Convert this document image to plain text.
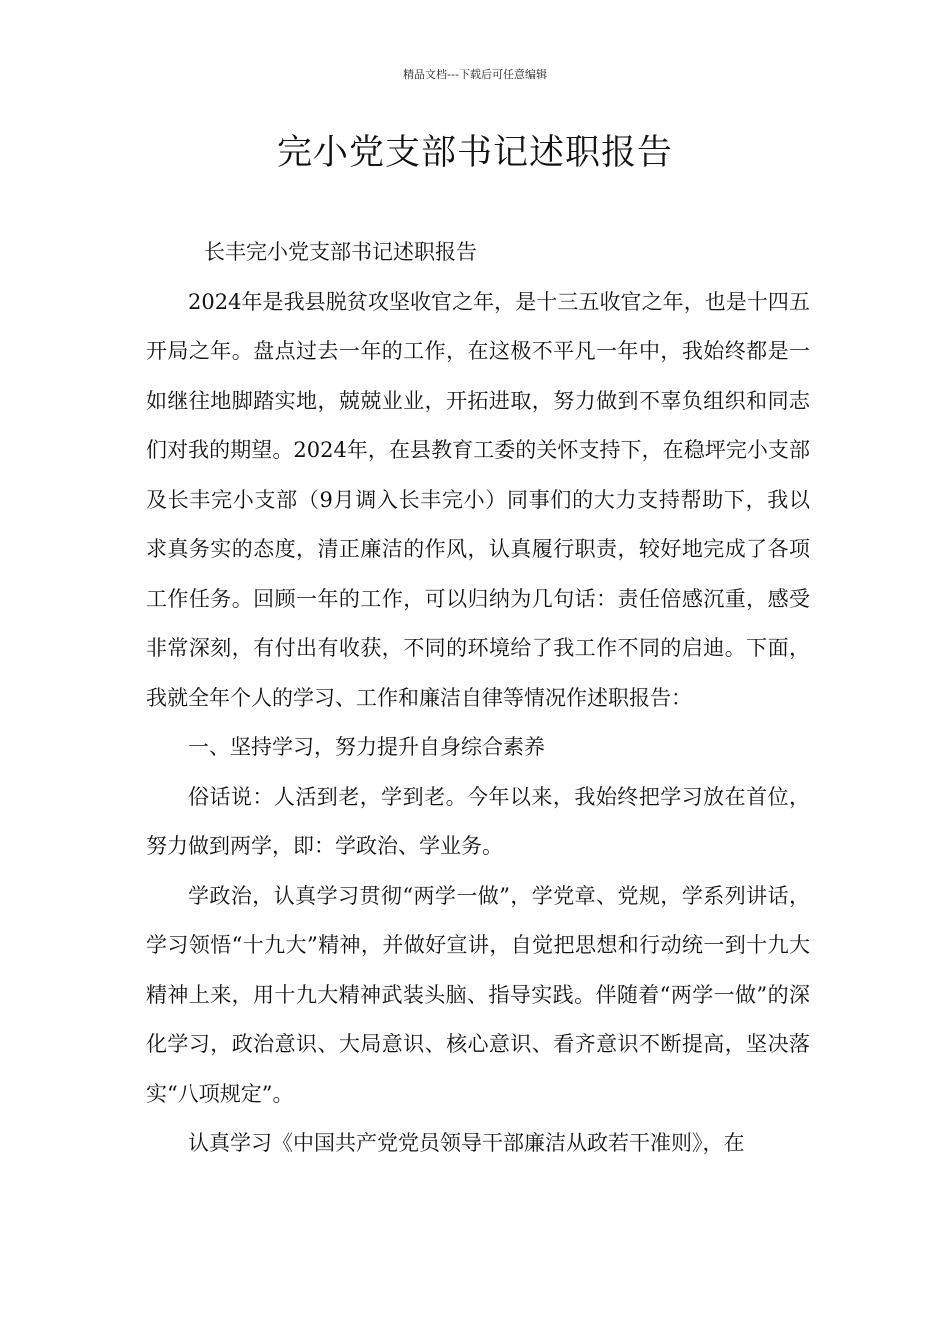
精品文档---下载后可任意编辑
完小党支部书记述职报告

长丰完小党支部书记述职报告

2024年是我县脱贫攻坚收官之年，是十三五收官之年，也是十四五开局之年。盘点过去一年的工作，在这极不平凡一年中，我始终都是一如继往地脚踏实地，兢兢业业，开拓进取，努力做到不辜负组织和同志们对我的期望。2024年，在县教育工委的关怀支持下，在稳坪完小支部及长丰完小支部（9月调入长丰完小）同事们的大力支持帮助下，我以求真务实的态度，清正廉洁的作风，认真履行职责，较好地完成了各项工作任务。回顾一年的工作，可以归纳为几句话：责任倍感沉重，感受非常深刻，有付出有收获，不同的环境给了我工作不同的启迪。下面，我就全年个人的学习、工作和廉洁自律等情况作述职报告：

一、坚持学习，努力提升自身综合素养

俗话说：人活到老，学到老。今年以来，我始终把学习放在首位，努力做到两学，即：学政治、学业务。

学政治，认真学习贯彻“两学一做”，学党章、党规，学系列讲话，学习领悟“十九大”精神，并做好宣讲，自觉把思想和行动统一到十九大精神上来，用十九大精神武装头脑、指导实践。伴随着“两学一做”的深化学习，政治意识、大局意识、核心意识、看齐意识不断提高，坚决落实“八项规定”。

认真学习《中国共产党党员领导干部廉洁从政若干准则》，在
